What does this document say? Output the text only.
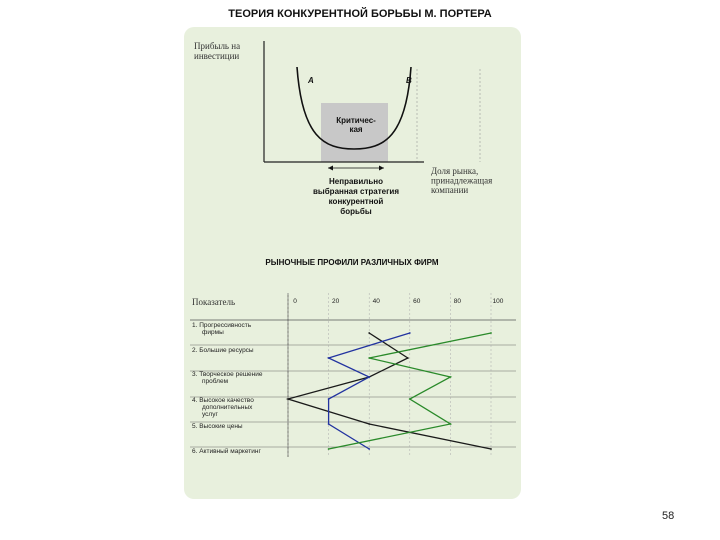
ТЕОРИЯ КОНКУРЕНТНОЙ БОРЬБЫ М. ПОРТЕРА
Прибыль на
инвестиции
Доля рынка,
принадлежащая
компании
A	B
Критичес-
кая
Неправильно
выбранная стратегия
конкурентной
борьбы
РЫНОЧНЫЕ ПРОФИЛИ РАЗЛИЧНЫХ ФИРМ
Показатель	0	20	40	60	80	100
1. Прогрессивность
фирмы
2. Большие ресурсы
3. Творческое решение
проблем
4. Высокое качество
дополнительных
услуг
5. Высокие цены
6. Активный маркетинг
58
